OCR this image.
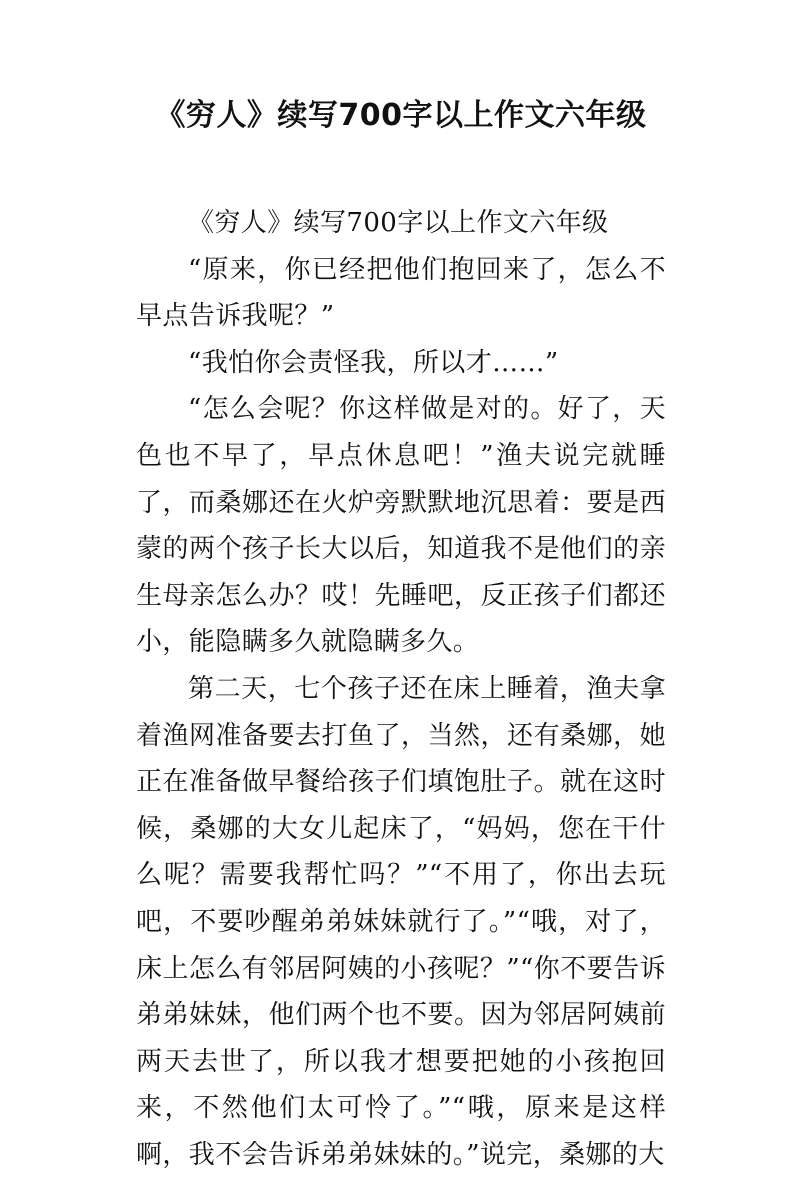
《穷人》续写700字以上作文六年级

《穷人》续写700字以上作文六年级

“原来，你已经把他们抱回来了，怎么不早点告诉我呢？”

“我怕你会责怪我，所以才……”

“怎么会呢？你这样做是对的。好了，天色也不早了，早点休息吧！”渔夫说完就睡了，而桑娜还在火炉旁默默地沉思着：要是西蒙的两个孩子长大以后，知道我不是他们的亲生母亲怎么办？哎！先睡吧，反正孩子们都还小，能隐瞒多久就隐瞒多久。

第二天，七个孩子还在床上睡着，渔夫拿着渔网准备要去打鱼了，当然，还有桑娜，她正在准备做早餐给孩子们填饱肚子。就在这时候，桑娜的大女儿起床了，“妈妈，您在干什么呢？需要我帮忙吗？”“不用了，你出去玩吧，不要吵醒弟弟妹妹就行了。”“哦，对了，床上怎么有邻居阿姨的小孩呢？”“你不要告诉弟弟妹妹，他们两个也不要。因为邻居阿姨前两天去世了，所以我才想要把她的小孩抱回来，不然他们太可怜了。”“哦，原来是这样啊，我不会告诉弟弟妹妹的。”说完，桑娜的大
